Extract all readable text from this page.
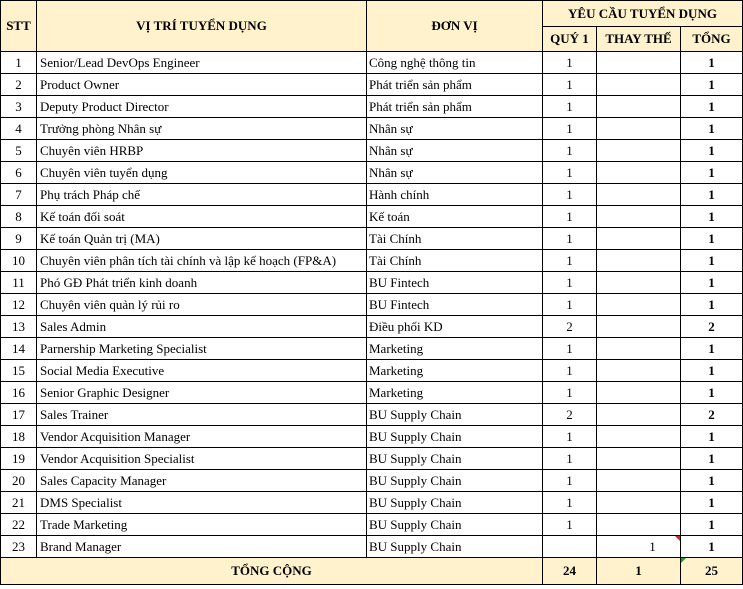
STT	VỊ TRÍ TUYỂN DỤNG	ĐƠN VỊ	YÊU CẦU TUYỂN DỤNG		
			QUÝ 1	THAY THẾ	TỔNG
1	Senior/Lead DevOps Engineer	Công nghệ thông tin	1		1
2	Product Owner	Phát triển sản phẩm	1		1
3	Deputy Product Director	Phát triển sản phẩm	1		1
4	Trưởng phòng Nhân sự	Nhân sự	1		1
5	Chuyên viên HRBP	Nhân sự	1		1
6	Chuyên viên tuyển dụng	Nhân sự	1		1
7	Phụ trách Pháp chế	Hành chính	1		1
8	Kế toán đối soát	Kế toán	1		1
9	Kế toán Quản trị (MA)	Tài Chính	1		1
10	Chuyên viên phân tích tài chính và lập kế hoạch (FP&A)	Tài Chính	1		1
11	Phó GĐ Phát triển kinh doanh	BU Fintech	1		1
12	Chuyên viên quản lý rủi ro	BU Fintech	1		1
13	Sales Admin	Điều phối KD	2		2
14	Parnership Marketing Specialist	Marketing	1		1
15	Social Media Executive	Marketing	1		1
16	Senior Graphic Designer	Marketing	1		1
17	Sales Trainer	BU Supply Chain	2		2
18	Vendor Acquisition Manager	BU Supply Chain	1		1
19	Vendor Acquisition Specialist	BU Supply Chain	1		1
20	Sales Capacity Manager	BU Supply Chain	1		1
21	DMS Specialist	BU Supply Chain	1		1
22	Trade Marketing	BU Supply Chain	1		1
23	Brand Manager	BU Supply Chain		1	1
TỔNG CỘNG			24	1	25
